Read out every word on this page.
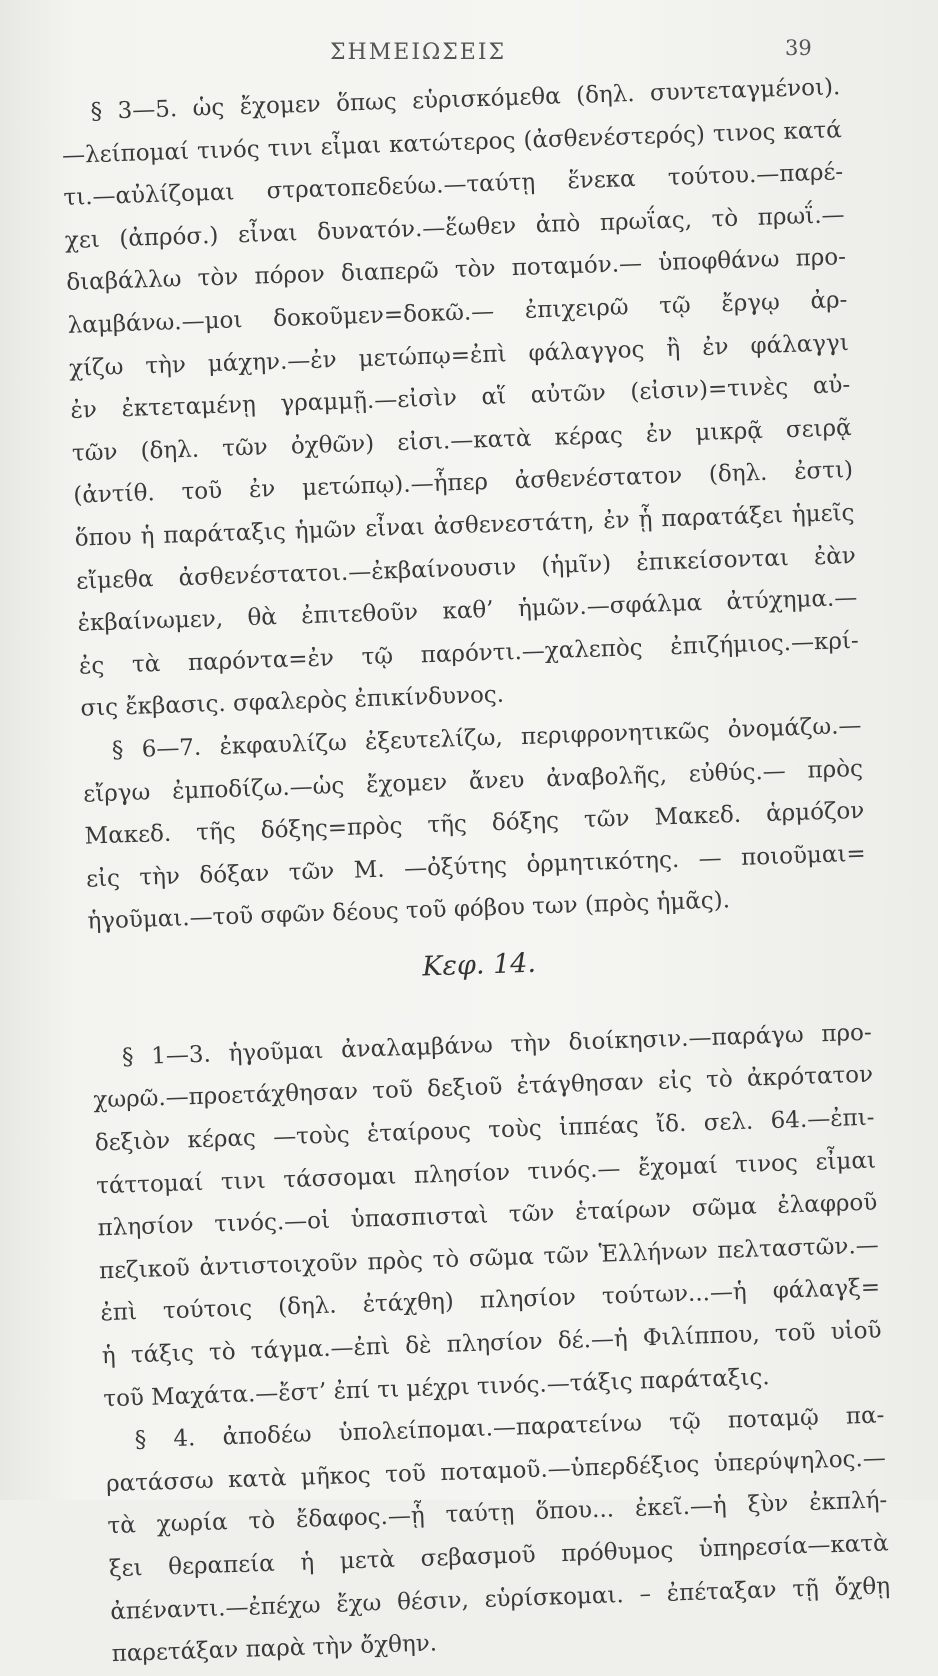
ΣΗΜΕΙΩΣΕΙΣ	39
§ 3—5. ὡς ἔχομεν ὅπως εὑρισκόμεθα (δηλ. συντεταγμένοι).
—λείπομαί τινός τινι εἶμαι κατώτερος (ἀσθενέστερός) τινος κατά
τι.—αὐλίζομαι στρατοπεδεύω.—ταύτῃ ἕνεκα τούτου.—παρέ-
χει (ἀπρόσ.) εἶναι δυνατόν.—ἕωθεν ἀπὸ πρωΐας, τὸ πρωΐ.—
διαβάλλω τὸν πόρον διαπερῶ τὸν ποταμόν.— ὑποφθάνω προ-
λαμβάνω.—μοι δοκοῦμεν=δοκῶ.— ἐπιχειρῶ τῷ ἔργῳ ἀρ-
χίζω τὴν μάχην.—ἐν μετώπῳ=ἐπὶ φάλαγγος ἢ ἐν φάλαγγι
ἐν ἐκτεταμένῃ γραμμῇ.—εἰσὶν αἵ αὐτῶν (εἰσιν)=τινὲς αὐ-
τῶν (δηλ. τῶν ὀχθῶν) εἰσι.—κατὰ κέρας ἐν μικρᾷ σειρᾷ
(ἀντίθ. τοῦ ἐν μετώπῳ).—ἧπερ ἀσθενέστατον (δηλ. ἐστι)
ὅπου ἡ παράταξις ἡμῶν εἶναι ἀσθενεστάτη, ἐν ᾗ παρατάξει ἡμεῖς
εἴμεθα ἀσθενέστατοι.—ἐκβαίνουσιν (ἡμῖν) ἐπικείσονται ἐὰν
ἐκβαίνωμεν, θὰ ἐπιτεθοῦν καθ’ ἡμῶν.—σφάλμα ἀτύχημα.—
ἐς τὰ παρόντα=ἐν τῷ παρόντι.—χαλεπὸς ἐπιζήμιος.—κρί-
σις ἔκβασις. σφαλερὸς ἐπικίνδυνος.
§ 6—7. ἐκφαυλίζω ἐξευτελίζω, περιφρονητικῶς ὀνομάζω.—
εἴργω ἐμποδίζω.—ὡς ἔχομεν ἄνευ ἀναβολῆς, εὐθύς.— πρὸς
Μακεδ. τῆς δόξης=πρὸς τῆς δόξης τῶν Μακεδ. ἁρμόζον
εἰς τὴν δόξαν τῶν Μ. —ὀξύτης ὁρμητικότης. — ποιοῦμαι=
ἡγοῦμαι.—τοῦ σφῶν δέους τοῦ φόβου των (πρὸς ἡμᾶς).
Κεφ. 14.
§ 1—3. ἡγοῦμαι ἀναλαμβάνω τὴν διοίκησιν.—παράγω προ-
χωρῶ.—προετάχθησαν τοῦ δεξιοῦ ἐτάγθησαν εἰς τὸ ἀκρότατον
δεξιὸν κέρας —τοὺς ἑταίρους τοὺς ἱππέας ἴδ. σελ. 64.—ἐπι-
τάττομαί τινι τάσσομαι πλησίον τινός.— ἔχομαί τινος εἶμαι
πλησίον τινός.—οἱ ὑπασπισταὶ τῶν ἑταίρων σῶμα ἐλαφροῦ
πεζικοῦ ἀντιστοιχοῦν πρὸς τὸ σῶμα τῶν Ἑλλήνων πελταστῶν.—
ἐπὶ τούτοις (δηλ. ἐτάχθη) πλησίον τούτων...—ἡ φάλαγξ=
ἡ τάξις τὸ τάγμα.—ἐπὶ δὲ πλησίον δέ.—ἡ Φιλίππου, τοῦ υἱοῦ
τοῦ Μαχάτα.—ἔστ’ ἐπί τι μέχρι τινός.—τάξις παράταξις.
§ 4. ἀποδέω ὑπολείπομαι.—παρατείνω τῷ ποταμῷ πα-
ρατάσσω κατὰ μῆκος τοῦ ποταμοῦ.—ὑπερδέξιος ὑπερύψηλος.—
τὰ χωρία τὸ ἔδαφος.—ᾗ ταύτῃ ὅπου... ἐκεῖ.—ἡ ξὺν ἐκπλή-
ξει θεραπεία ἡ μετὰ σεβασμοῦ πρόθυμος ὑπηρεσία—κατὰ
ἀπέναντι.—ἐπέχω ἔχω θέσιν, εὑρίσκομαι. – ἐπέταξαν τῇ ὄχθῃ
παρετάξαν παρὰ τὴν ὄχθην.
